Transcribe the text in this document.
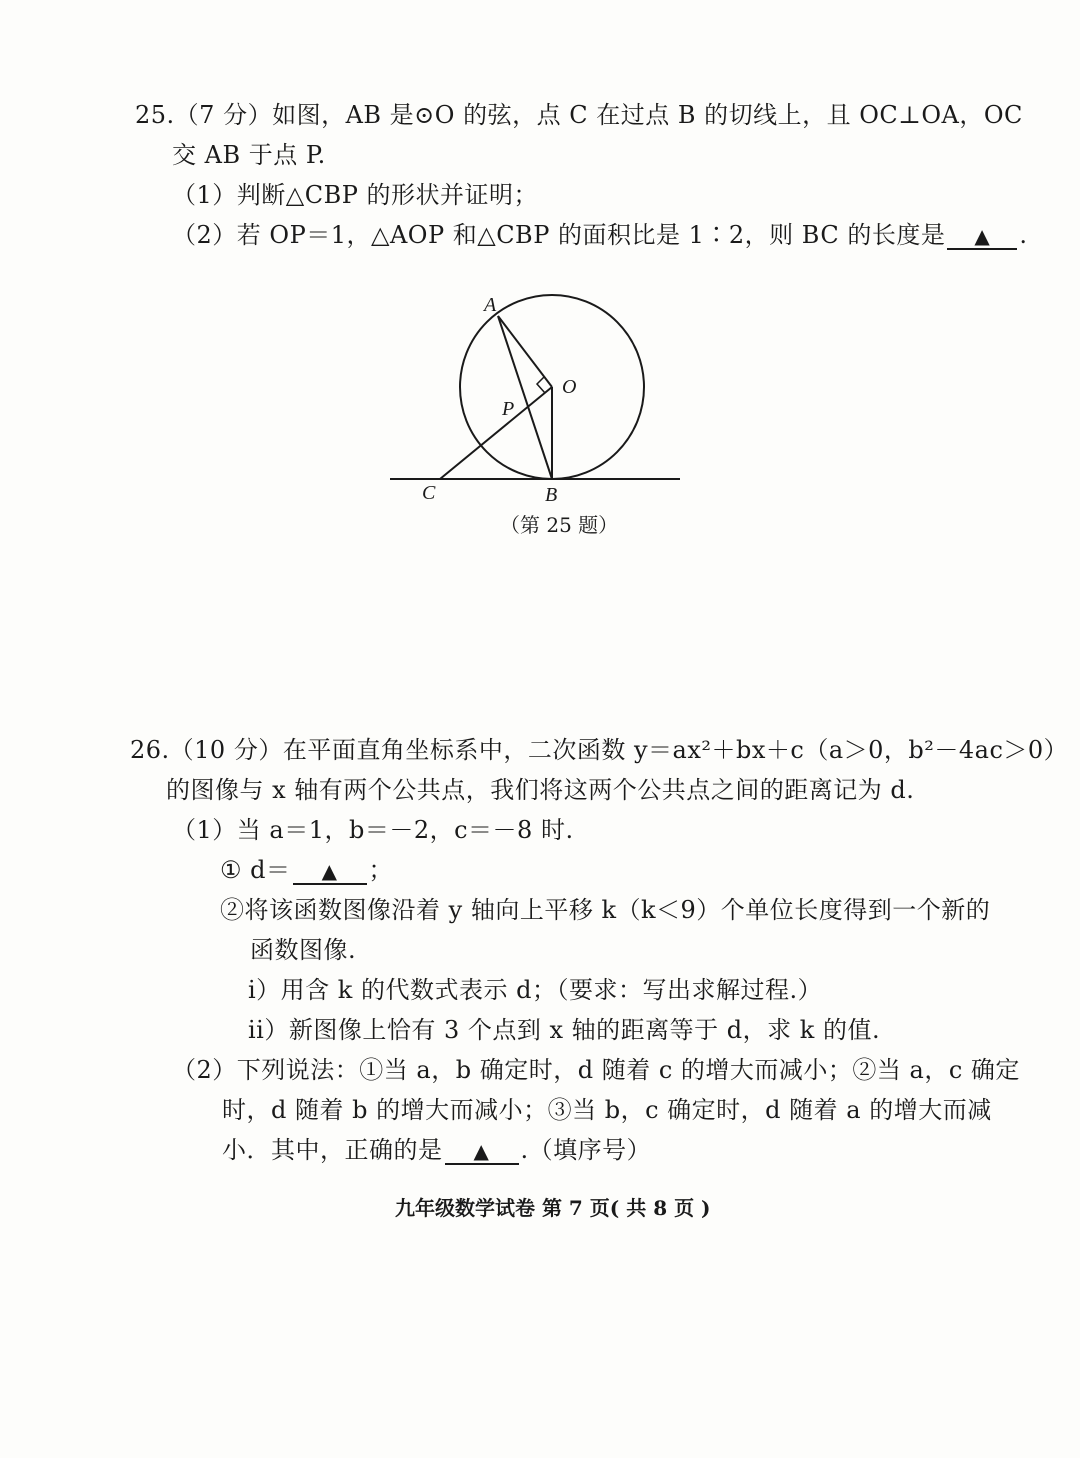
25.（7 分）如图，AB 是⊙O 的弦，点 C 在过点 B 的切线上，且 OC⊥OA，OC
交 AB 于点 P.
（1）判断△CBP 的形状并证明；
（2）若 OP＝1，△AOP 和△CBP 的面积比是 1∶2，则 BC 的长度是 ▲ .
A
O
P
C	B
（第 25 题）
26.（10 分）在平面直角坐标系中，二次函数 y＝ax²＋bx＋c（a＞0，b²－4ac＞0）
的图像与 x 轴有两个公共点，我们将这两个公共点之间的距离记为 d.
（1）当 a＝1，b＝－2，c＝－8 时.
① d＝ ▲ ；
②将该函数图像沿着 y 轴向上平移 k（k＜9）个单位长度得到一个新的
函数图像.
i）用含 k 的代数式表示 d；（要求：写出求解过程.）
ii）新图像上恰有 3 个点到 x 轴的距离等于 d，求 k 的值.
（2）下列说法：①当 a，b 确定时，d 随着 c 的增大而减小；②当 a，c 确定
时，d 随着 b 的增大而减小；③当 b，c 确定时，d 随着 a 的增大而减
小．其中，正确的是 ▲ .（填序号）
九年级数学试卷 第 7 页( 共 8 页 )
